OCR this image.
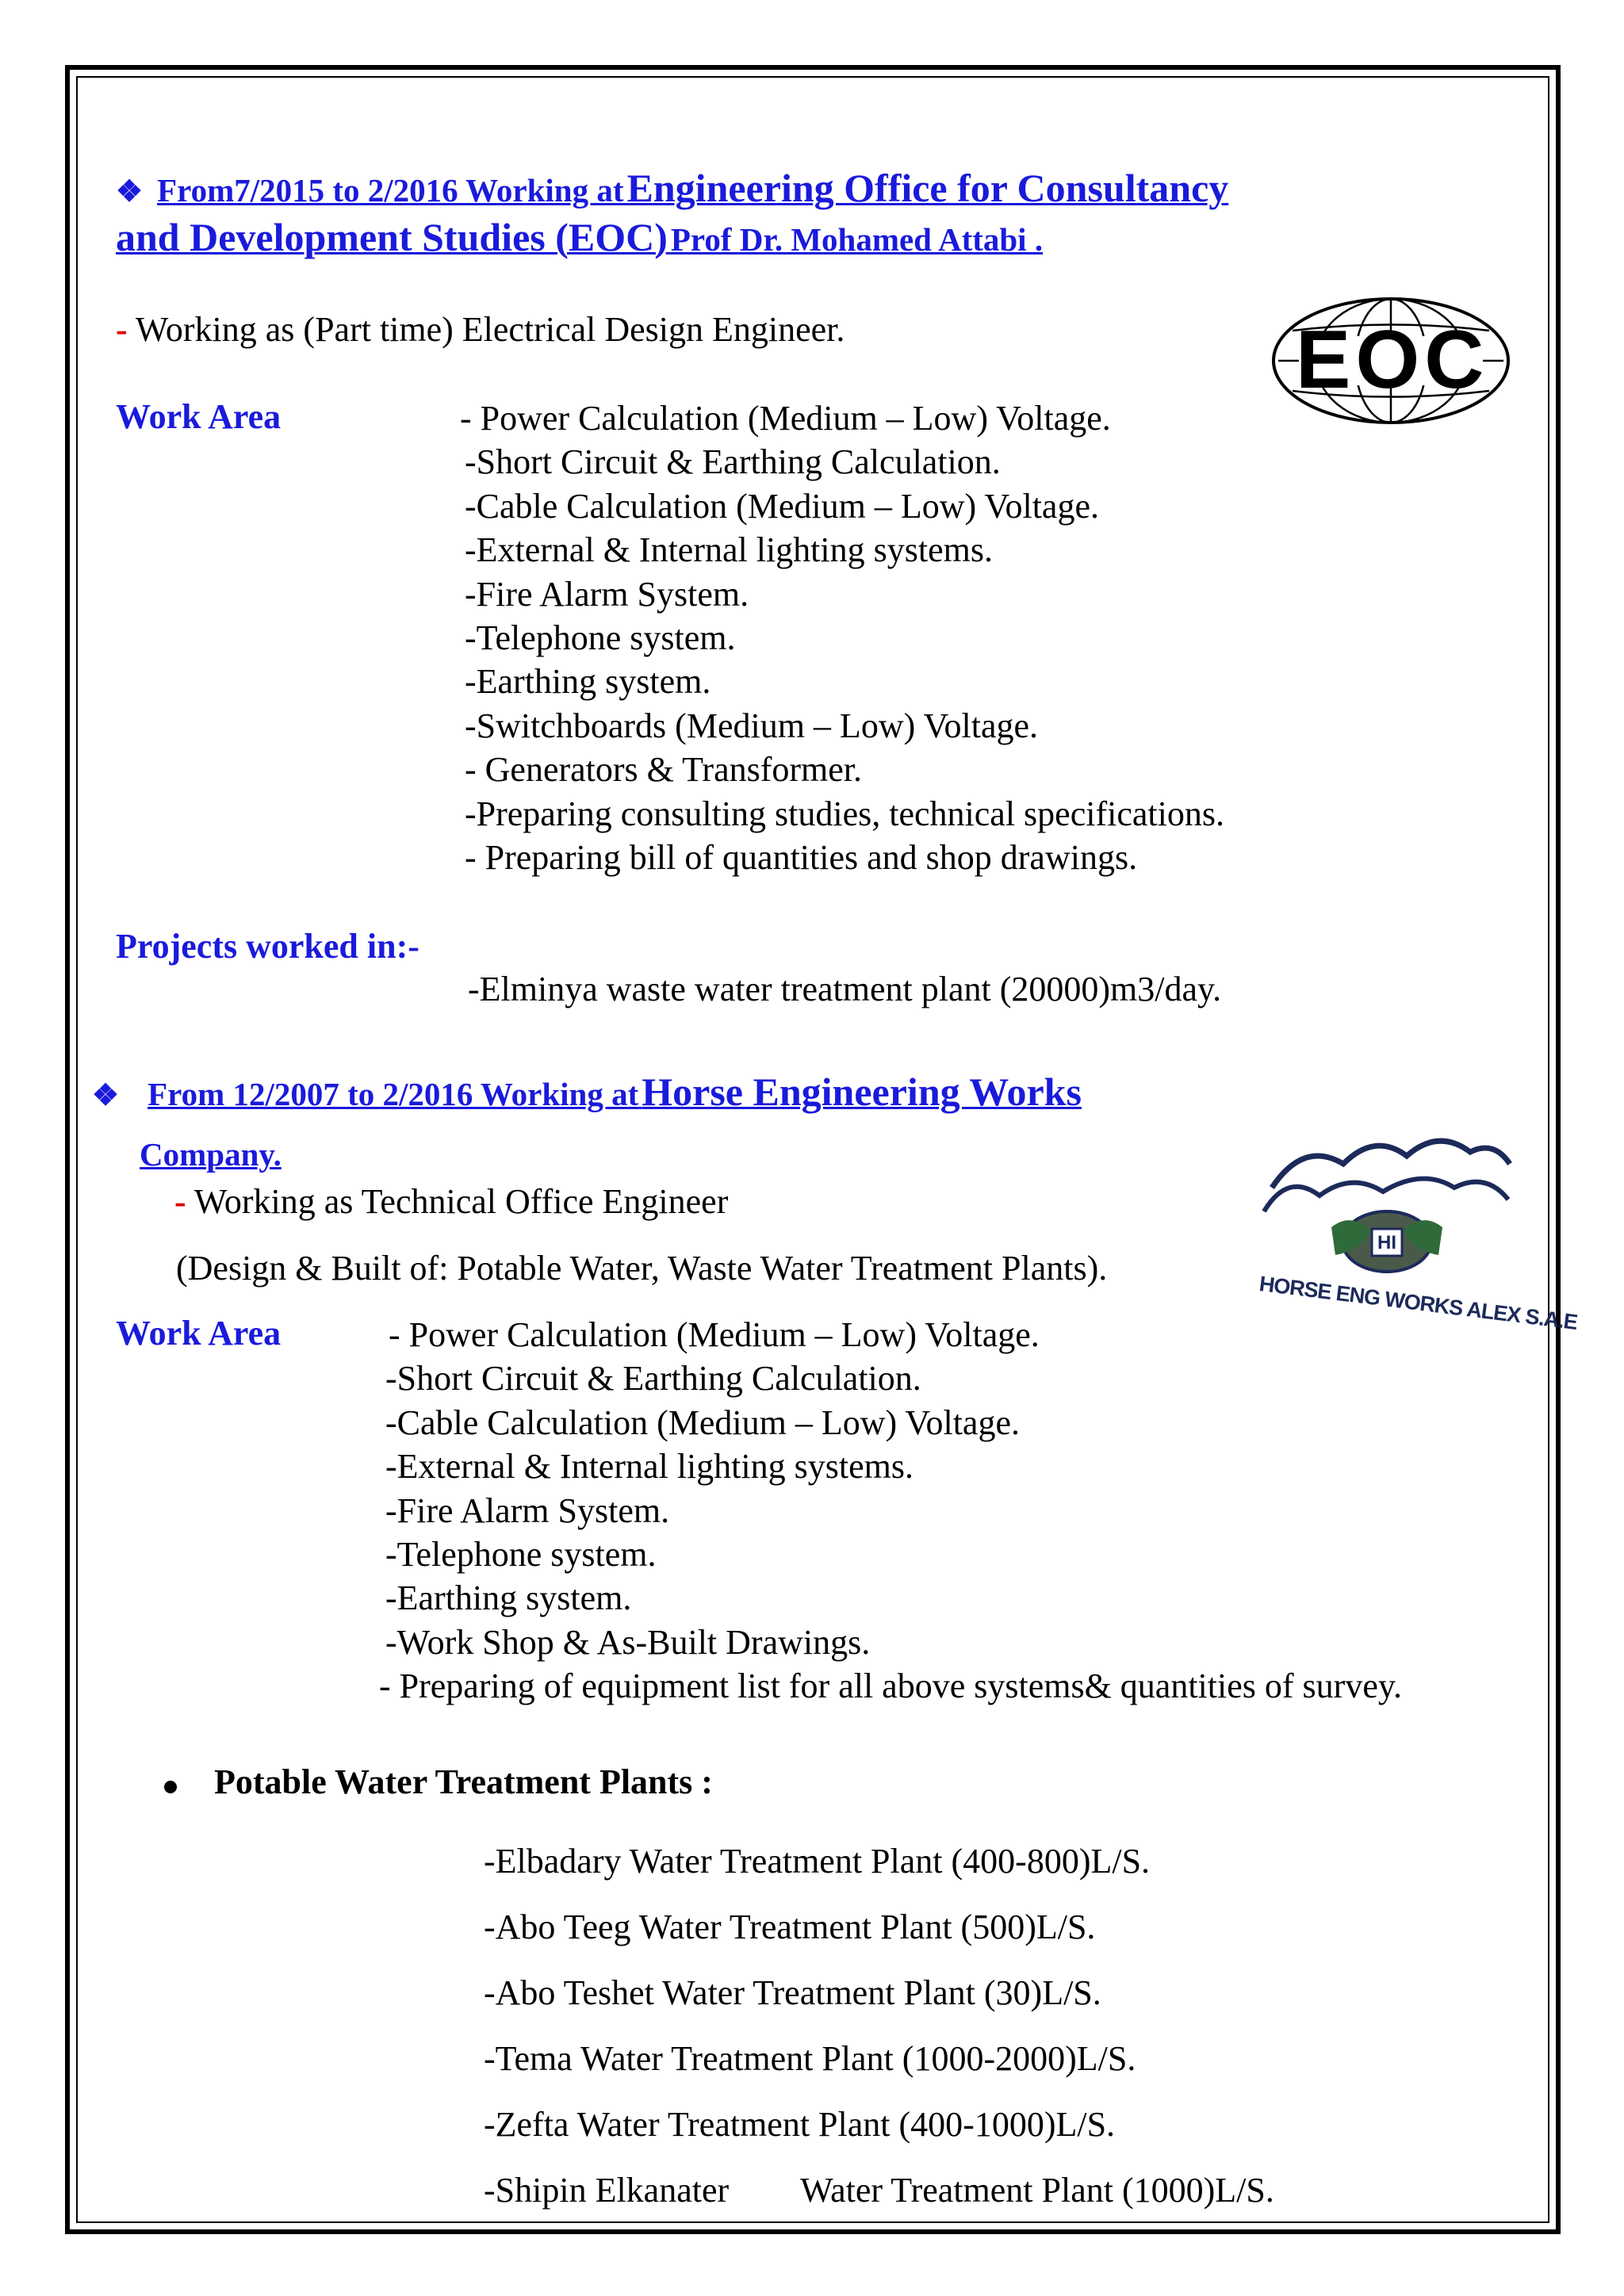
❖ From7/2015 to 2/2016 Working at Engineering Office for Consultancy
and Development Studies (EOC) Prof Dr. Mohamed Attabi .
- Working as (Part time) Electrical Design Engineer.	EOC
Work Area	- Power Calculation (Medium – Low) Voltage.
-Short Circuit & Earthing Calculation.
-Cable Calculation (Medium – Low) Voltage.
-External & Internal lighting systems.
-Fire Alarm System.
-Telephone system.
-Earthing system.
-Switchboards (Medium – Low) Voltage.
- Generators & Transformer.
-Preparing consulting studies, technical specifications.
- Preparing bill of quantities and shop drawings.
Projects worked in:-
-Elminya waste water treatment plant (20000)m3/day.
❖ From 12/2007 to 2/2016 Working at Horse Engineering Works
Company.
- Working as Technical Office Engineer
(Design & Built of: Potable Water, Waste Water Treatment Plants).
HI
HORSE ENG WORKS ALEX S.A.E
Work Area	- Power Calculation (Medium – Low) Voltage.
-Short Circuit & Earthing Calculation.
-Cable Calculation (Medium – Low) Voltage.
-External & Internal lighting systems.
-Fire Alarm System.
-Telephone system.
-Earthing system.
-Work Shop & As-Built Drawings.
- Preparing of equipment list for all above systems& quantities of survey.
Potable Water Treatment Plants :
-Elbadary Water Treatment Plant (400-800)L/S.
-Abo Teeg Water Treatment Plant (500)L/S.
-Abo Teshet Water Treatment Plant (30)L/S.
-Tema Water Treatment Plant (1000-2000)L/S.
-Zefta Water Treatment Plant (400-1000)L/S.
-Shipin Elkanater Water Treatment Plant (1000)L/S.
